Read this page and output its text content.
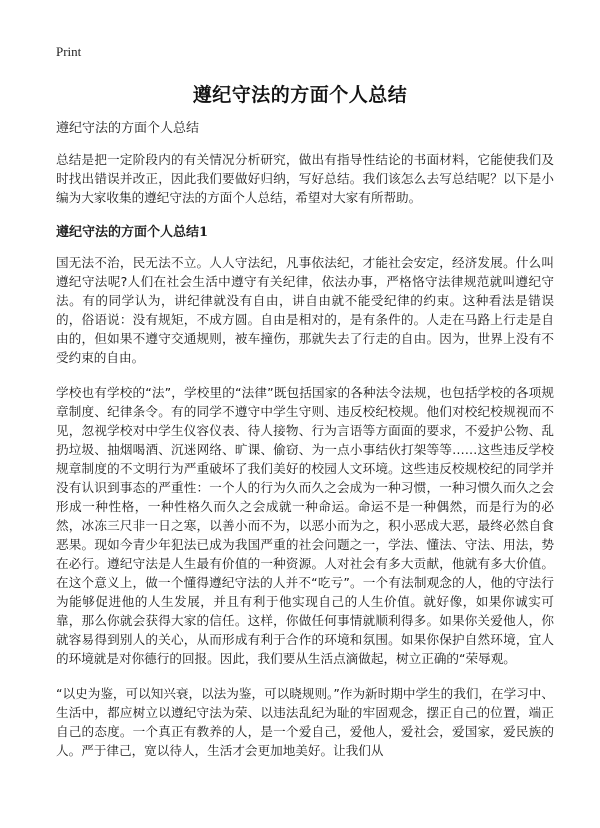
Print
遵纪守法的方面个人总结
遵纪守法的方面个人总结

总结是把一定阶段内的有关情况分析研究，做出有指导性结论的书面材料，它能使我们及时找出错误并改正，因此我们要做好归纳，写好总结。我们该怎么去写总结呢？以下是小编为大家收集的遵纪守法的方面个人总结，希望对大家有所帮助。

遵纪守法的方面个人总结1

国无法不治，民无法不立。人人守法纪，凡事依法纪，才能社会安定，经济发展。什么叫遵纪守法呢?人们在社会生活中遵守有关纪律，依法办事，严格恪守法律规范就叫遵纪守法。有的同学认为，讲纪律就没有自由，讲自由就不能受纪律的约束。这种看法是错误的，俗语说：没有规矩，不成方圆。自由是相对的，是有条件的。人走在马路上行走是自由的，但如果不遵守交通规则，被车撞伤，那就失去了行走的自由。因为，世界上没有不受约束的自由。

学校也有学校的“法”，学校里的“法律”既包括国家的各种法令法规，也包括学校的各项规章制度、纪律条令。有的同学不遵守中学生守则、违反校纪校规。他们对校纪校规视而不见，忽视学校对中学生仪容仪表、待人接物、行为言语等方面面的要求，不爱护公物、乱扔垃圾、抽烟喝酒、沉迷网络、旷课、偷窃、为一点小事结伙打架等等……这些违反学校规章制度的不文明行为严重破坏了我们美好的校园人文环境。这些违反校规校纪的同学并没有认识到事态的严重性：一个人的行为久而久之会成为一种习惯，一种习惯久而久之会形成一种性格，一种性格久而久之会成就一种命运。命运不是一种偶然，而是行为的必然，冰冻三尺非一日之寒，以善小而不为，以恶小而为之，积小恶成大恶，最终必然自食恶果。现如今青少年犯法已成为我国严重的社会问题之一，学法、懂法、守法、用法，势在必行。遵纪守法是人生最有价值的一种资源。人对社会有多大贡献，他就有多大价值。在这个意义上，做一个懂得遵纪守法的人并不“吃亏”。一个有法制观念的人，他的守法行为能够促进他的人生发展，并且有利于他实现自己的人生价值。就好像，如果你诚实可靠，那么你就会获得大家的信任。这样，你做任何事情就顺利得多。如果你关爱他人，你就容易得到别人的关心，从而形成有利于合作的环境和氛围。如果你保护自然环境，宜人的环境就是对你德行的回报。因此，我们要从生活点滴做起，树立正确的“荣辱观。

“以史为鉴，可以知兴衰，以法为鉴，可以晓规则。”作为新时期中学生的我们，在学习中、生活中，都应树立以遵纪守法为荣、以违法乱纪为耻的牢固观念，摆正自己的位置，端正自己的态度。一个真正有教养的人，是一个爱自己，爱他人，爱社会，爱国家，爱民族的人。严于律己，宽以待人，生活才会更加地美好。让我们从
